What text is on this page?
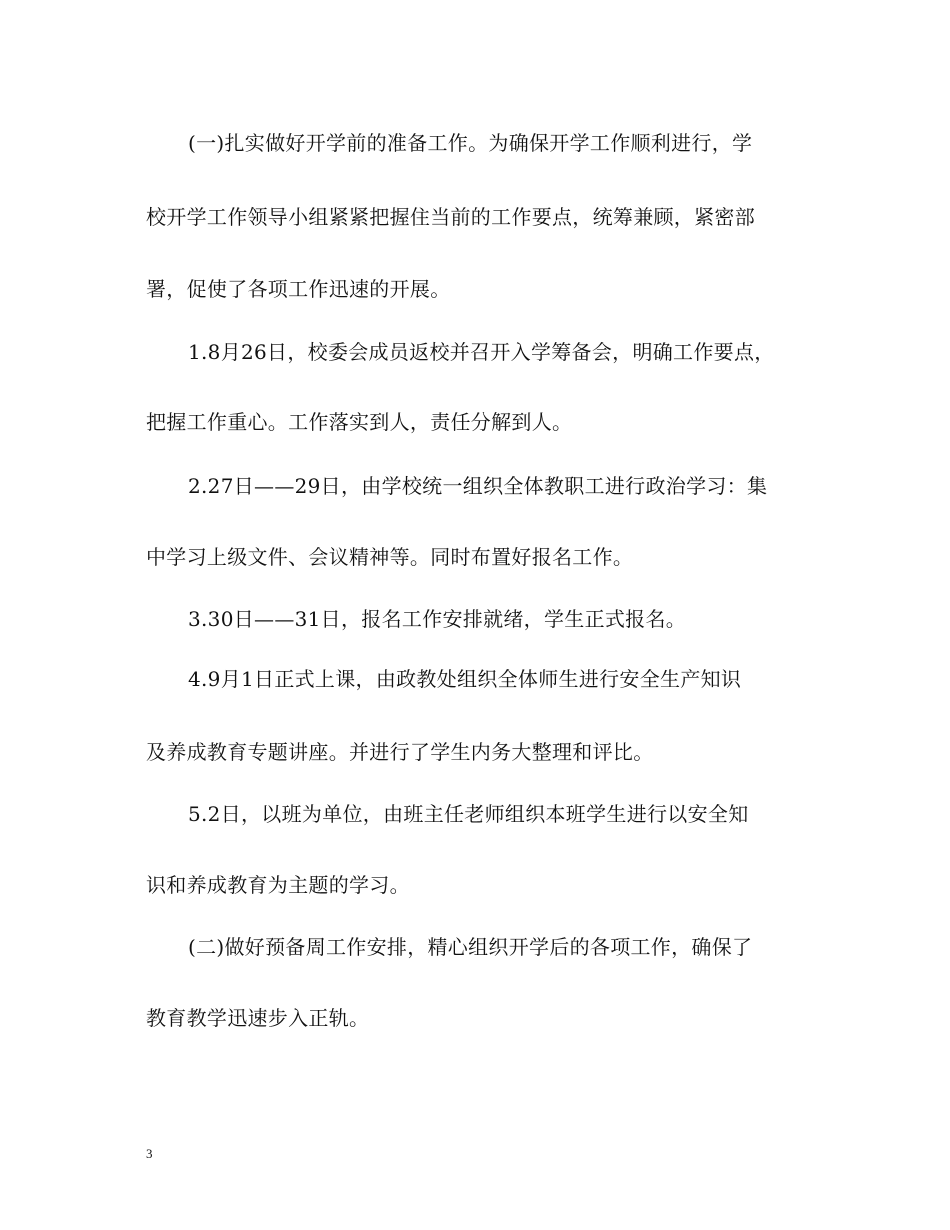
(一)扎实做好开学前的准备工作。为确保开学工作顺利进行，学

校开学工作领导小组紧紧把握住当前的工作要点，统筹兼顾，紧密部

署，促使了各项工作迅速的开展。

1.8月26日，校委会成员返校并召开入学筹备会，明确工作要点，

把握工作重心。工作落实到人，责任分解到人。

2.27日——29日，由学校统一组织全体教职工进行政治学习：集

中学习上级文件、会议精神等。同时布置好报名工作。

3.30日——31日，报名工作安排就绪，学生正式报名。

4.9月1日正式上课，由政教处组织全体师生进行安全生产知识

及养成教育专题讲座。并进行了学生内务大整理和评比。

5.2日，以班为单位，由班主任老师组织本班学生进行以安全知

识和养成教育为主题的学习。

(二)做好预备周工作安排，精心组织开学后的各项工作，确保了

教育教学迅速步入正轨。

3
